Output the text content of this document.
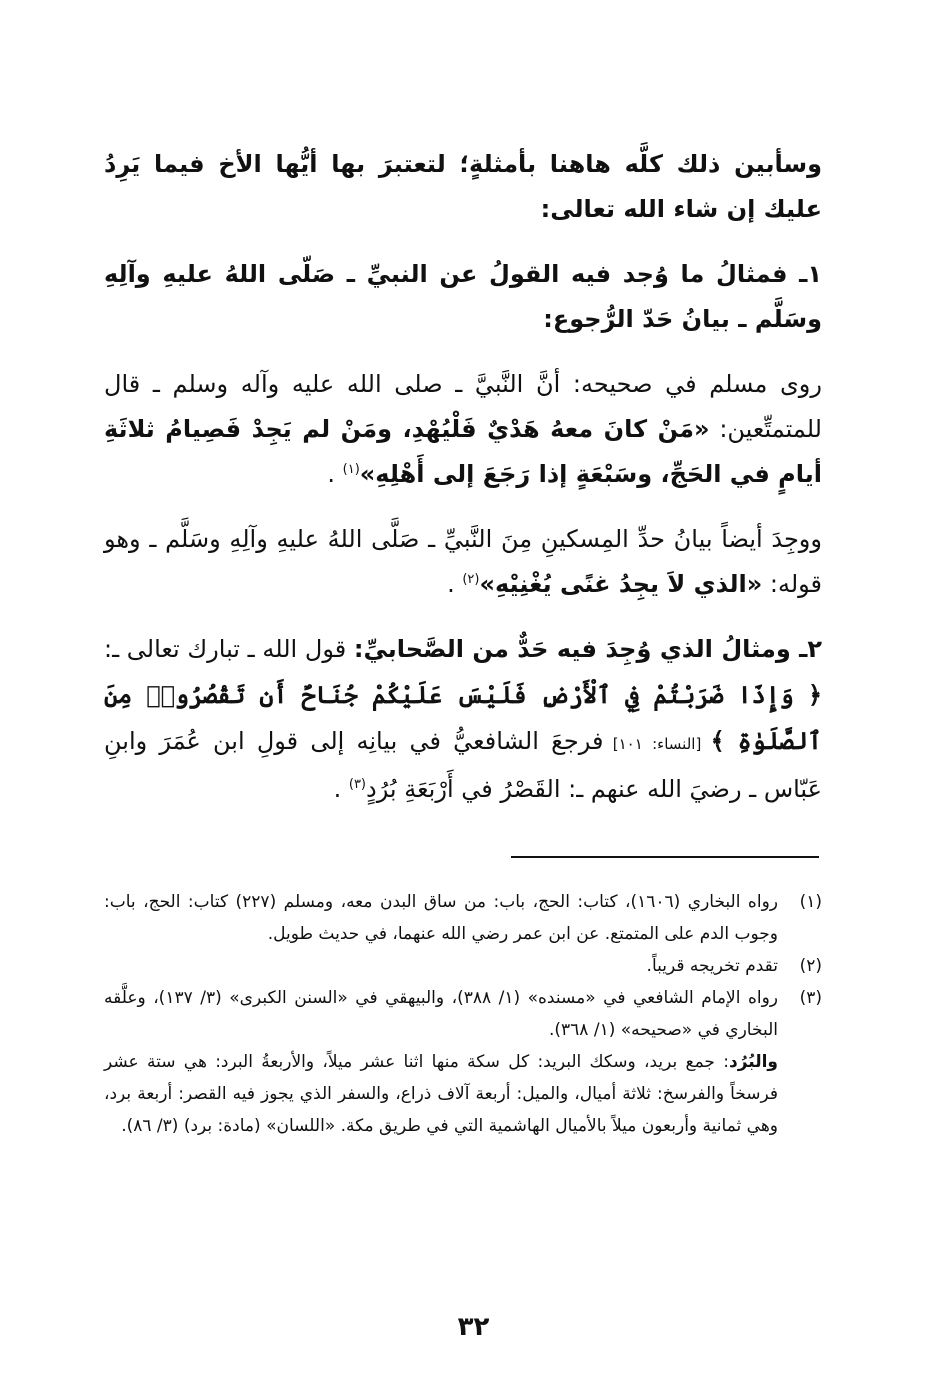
وسأبين ذلك كلَّه هاهنا بأمثلةٍ؛ لتعتبرَ بها أيُّها الأخ فيما يَرِدُ عليك إن شاء الله تعالى:

١ـ فمثالُ ما وُجد فيه القولُ عن النبيِّ ـ صَلّى اللهُ عليهِ وآلِهِ وسَلَّم ـ بيانُ حَدّ الرُّجوع:

روى مسلم في صحيحه: أنَّ النَّبيَّ ـ صلى الله عليه وآله وسلم ـ قال للمتمتِّعين: «مَنْ كانَ معهُ هَدْيٌ فَلْيُهْدِ، ومَنْ لم يَجِدْ فَصِيامُ ثلاثَةِ أيامٍ في الحَجِّ، وسَبْعَةٍ إذا رَجَعَ إلى أَهْلِهِ»$^{(١)}$ .

ووجِدَ أيضاً بيانُ حدِّ المِسكينِ مِنَ النَّبيِّ ـ صَلَّى اللهُ عليهِ وآلِهِ وسَلَّم ـ وهو قوله: «الذي لاَ يجِدُ غنًى يُغْنِيْهِ»$^{(٢)}$ .

٢ـ ومثالُ الذي وُجِدَ فيه حَدٌّ من الصَّحابيِّ: قول الله ـ تبارك تعالى ـ: ﴿ وَإِذَا ضَرَبْتُمْ فِي ٱلْأَرْضِ فَلَيْسَ عَلَيْكُمْ جُنَاحٌ أَن تَقْصُرُوا۟ مِنَ ٱلصَّلَوٰةِ ﴾ [النساء: ١٠١] فرجعَ الشافعيُّ في بيانِه إلى قولِ ابن عُمَرَ وابنِ عَبّاس ـ رضيَ الله عنهم ـ: القَصْرُ في أَرْبَعَةِ بُرُدٍ$^{(٣)}$ .

(١)
رواه البخاري (١٦٠٦)، كتاب: الحج، باب: من ساق البدن معه، ومسلم (٢٢٧) كتاب: الحج، باب: وجوب الدم على المتمتع. عن ابن عمر رضي الله عنهما، في حديث طويل.
(٢)
تقدم تخريجه قريباً.
(٣)
رواه الإمام الشافعي في «مسنده» (١/ ٣٨٨)، والبيهقي في «السنن الكبرى» (٣/ ١٣٧)، وعلَّقه البخاري في «صحيحه» (١/ ٣٦٨).
والبُرُد: جمع بريد، وسكك البريد: كل سكة منها اثنا عشر ميلاً، والأربعةُ البرد: هي ستة عشر فرسخاً والفرسخ: ثلاثة أميال، والميل: أربعة آلاف ذراع، والسفر الذي يجوز فيه القصر: أربعة برد، وهي ثمانية وأربعون ميلاً بالأميال الهاشمية التي في طريق مكة. «اللسان» (مادة: برد) (٣/ ٨٦).
٣٢
